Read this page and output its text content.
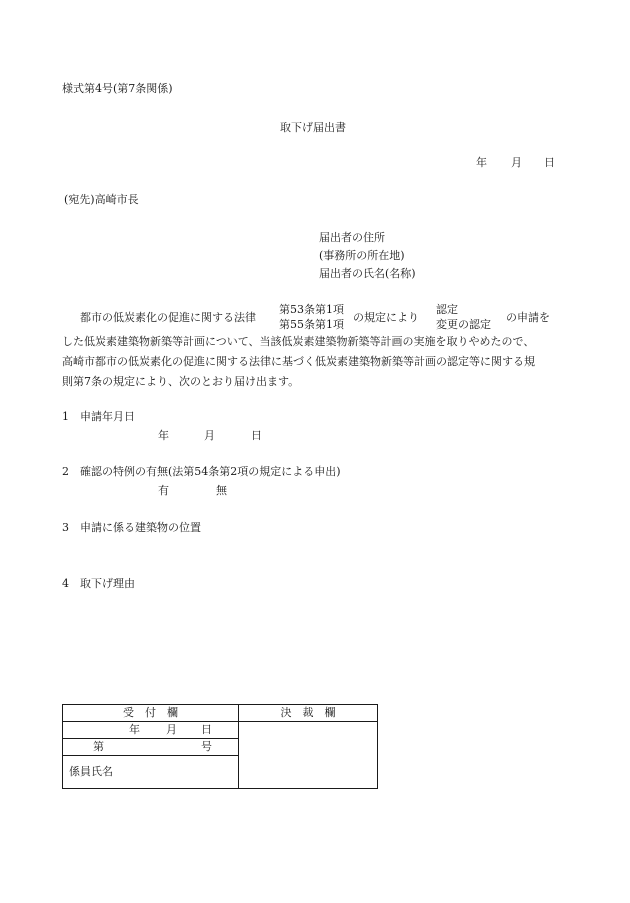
様式第4号(第7条関係)
取下げ届出書
年 月 日
(宛先)高崎市長
届出者の住所
(事務所の所在地)
届出者の氏名(名称)
都市の低炭素化の促進に関する法律
第53条第1項
第55条第1項
の規定により
認定
変更の認定
の申請を
した低炭素建築物新築等計画について、当該低炭素建築物新築等計画の実施を取りやめたので、
高崎市都市の低炭素化の促進に関する法律に基づく低炭素建築物新築等計画の認定等に関する規
則第7条の規定により、次のとおり届け出ます。
1 申請年月日
年	月	日
2 確認の特例の有無(法第54条第2項の規定による申出)
有	無
3 申請に係る建築物の位置
4 取下げ理由
受　付　欄	決　裁　欄

年 月 日	

第 号	

係員氏名	
